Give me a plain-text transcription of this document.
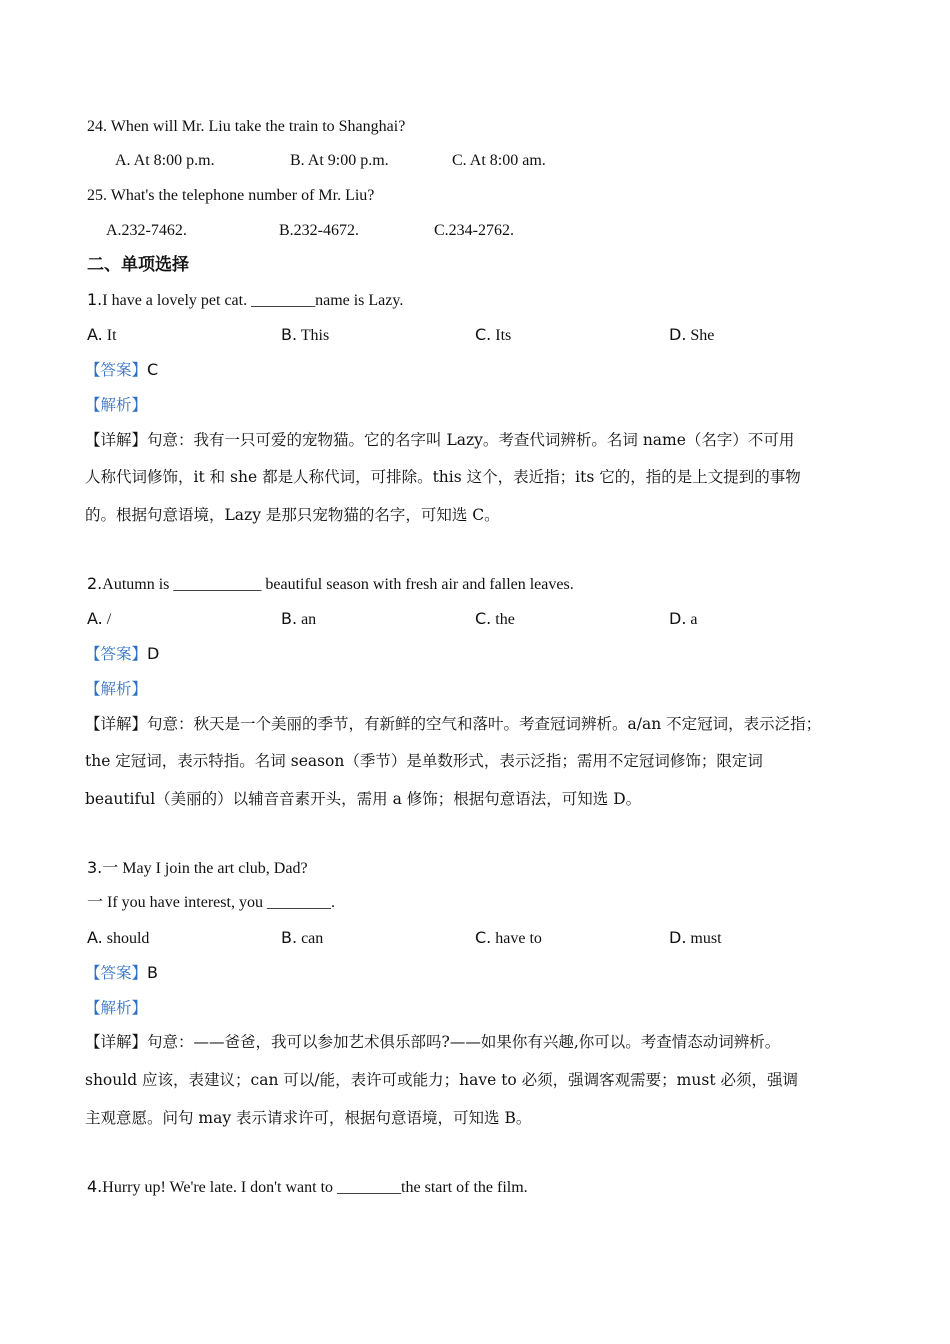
24. When will Mr. Liu take the train to Shanghai?
A. At 8:00 p.m.	B. At 9:00 p.m.	C. At 8:00 am.
25. What's the telephone number of Mr. Liu?
A.232-7462.	B.232-4672.	C.234-2762.
二、单项选择
1.I have a lovely pet cat. ________name is Lazy.
A. It	B. This	C. Its	D. She
【答案】C
【解析】
【详解】句意：我有一只可爱的宠物猫。它的名字叫 Lazy。考查代词辨析。名词 name（名字）不可用
人称代词修饰，it 和 she 都是人称代词，可排除。this 这个，表近指；its 它的，指的是上文提到的事物
的。根据句意语境，Lazy 是那只宠物猫的名字，可知选 C。
2.Autumn is ___________ beautiful season with fresh air and fallen leaves.
A. /	B. an	C. the	D. a
【答案】D
【解析】
【详解】句意：秋天是一个美丽的季节，有新鲜的空气和落叶。考查冠词辨析。a/an 不定冠词，表示泛指；
the 定冠词，表示特指。名词 season（季节）是单数形式，表示泛指；需用不定冠词修饰；限定词
beautiful（美丽的）以辅音音素开头，需用 a 修饰；根据句意语法，可知选 D。
3.一 May I join the art club, Dad?
一 If you have interest, you ________.
A. should	B. can	C. have to	D. must
【答案】B
【解析】
【详解】句意：——爸爸，我可以参加艺术俱乐部吗?——如果你有兴趣,你可以。考查情态动词辨析。
should 应该，表建议；can 可以/能，表许可或能力；have to 必须，强调客观需要；must 必须，强调
主观意愿。问句 may 表示请求许可，根据句意语境，可知选 B。
4.Hurry up! We're late. I don't want to ________the start of the film.
